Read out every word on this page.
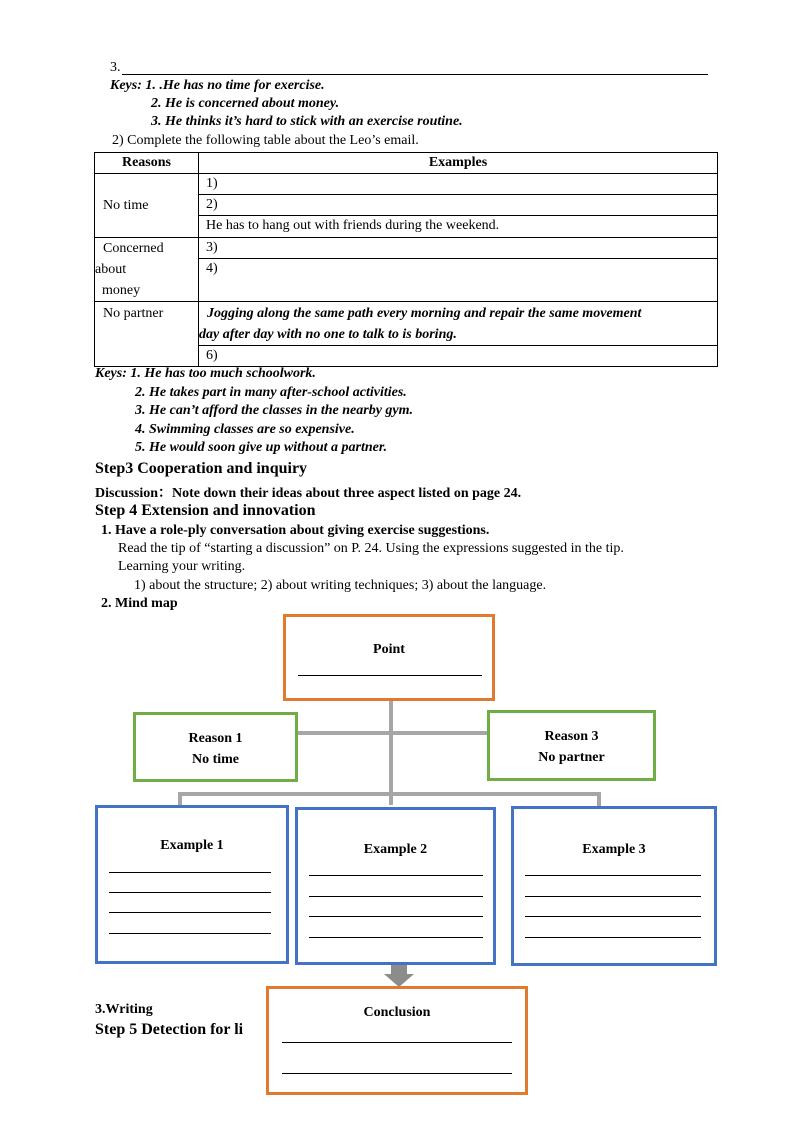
3.
Keys: 1. .He has no time for exercise.
2. He is concerned about money.
3. He thinks it’s hard to stick with an exercise routine.
2) Complete the following table about the Leo’s email.
Reasons	Examples
No time	1)
	2)
	He has to hang out with friends during the weekend.

Concerned
about
money	3)
	4)
No partner	Jogging along the same path every morning and repair the same movement
day after day with no one to talk to is boring.

	6)
Keys: 1. He has too much schoolwork.
2. He takes part in many after-school activities.
3. He can’t afford the classes in the nearby gym.
4. Swimming classes are so expensive.
5. He would soon give up without a partner.
Step3 Cooperation and inquiry
Discussion：Note down their ideas about three aspect listed on page 24.
Step 4 Extension and innovation
1. Have a role-ply conversation about giving exercise suggestions.
Read the tip of “starting a discussion” on P. 24. Using the expressions suggested in the tip.
Learning your writing.
1) about the structure; 2) about writing techniques; 3) about the language.
2. Mind map
Point
Reason 1
No time
Reason 3
No partner
Example 1	Example 2	Example 3
3.Writing
Step 5 Detection for li
Conclusion
